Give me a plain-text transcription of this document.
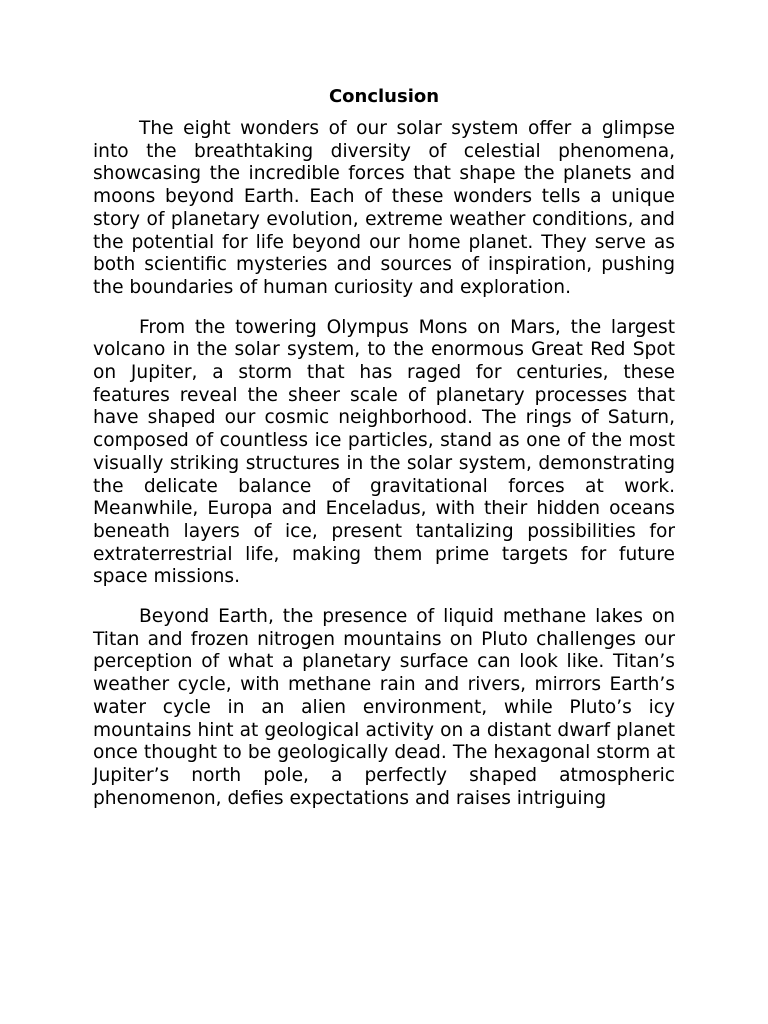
Conclusion

The eight wonders of our solar system offer a glimpse into the breathtaking diversity of celestial phenomena, showcasing the incredible forces that shape the planets and moons beyond Earth. Each of these wonders tells a unique story of planetary evolution, extreme weather conditions, and the potential for life beyond our home planet. They serve as both scientific mysteries and sources of inspiration, pushing the boundaries of human curiosity and exploration.

From the towering Olympus Mons on Mars, the largest volcano in the solar system, to the enormous Great Red Spot on Jupiter, a storm that has raged for centuries, these features reveal the sheer scale of planetary processes that have shaped our cosmic neighborhood. The rings of Saturn, composed of countless ice particles, stand as one of the most visually striking structures in the solar system, demonstrating the delicate balance of gravitational forces at work. Meanwhile, Europa and Enceladus, with their hidden oceans beneath layers of ice, present tantalizing possibilities for extraterrestrial life, making them prime targets for future space missions.

Beyond Earth, the presence of liquid methane lakes on Titan and frozen nitrogen mountains on Pluto challenges our perception of what a planetary surface can look like. Titan’s weather cycle, with methane rain and rivers, mirrors Earth’s water cycle in an alien environment, while Pluto’s icy mountains hint at geological activity on a distant dwarf planet once thought to be geologically dead. The hexagonal storm at Jupiter’s north pole, a perfectly shaped atmospheric phenomenon, defies expectations and raises intriguing
